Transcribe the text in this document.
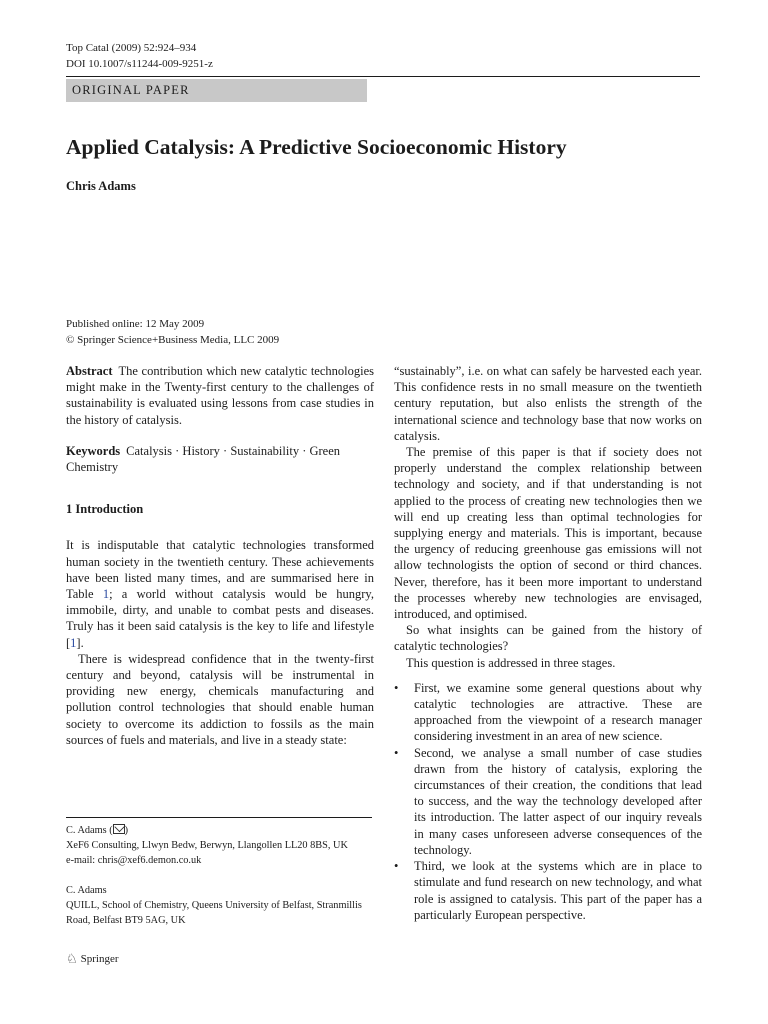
Top Catal (2009) 52:924–934
DOI 10.1007/s11244-009-9251-z
ORIGINAL PAPER
Applied Catalysis: A Predictive Socioeconomic History
Chris Adams
Published online: 12 May 2009
© Springer Science+Business Media, LLC 2009

Abstract The contribution which new catalytic technologies might make in the Twenty-first century to the challenges of sustainability is evaluated using lessons from case studies in the history of catalysis.

Keywords Catalysis · History · Sustainability · Green Chemistry

1 Introduction

It is indisputable that catalytic technologies transformed human society in the twentieth century. These achievements have been listed many times, and are summarised here in Table 1; a world without catalysis would be hungry, immobile, dirty, and unable to combat pests and diseases. Truly has it been said catalysis is the key to life and lifestyle [1].

There is widespread confidence that in the twenty-first century and beyond, catalysis will be instrumental in providing new energy, chemicals manufacturing and pollution control technologies that should enable human society to overcome its addiction to fossils as the main sources of fuels and materials, and live in a steady state:

“sustainably”, i.e. on what can safely be harvested each year. This confidence rests in no small measure on the twentieth century reputation, but also enlists the strength of the international science and technology base that now works on catalysis.

The premise of this paper is that if society does not properly understand the complex relationship between technology and society, and if that understanding is not applied to the process of creating new technologies then we will end up creating less than optimal technologies for supplying energy and materials. This is important, because the urgency of reducing greenhouse gas emissions will not allow technologists the option of second or third chances. Never, therefore, has it been more important to understand the processes whereby new technologies are envisaged, introduced, and optimised.

So what insights can be gained from the history of catalytic technologies?

This question is addressed in three stages.

• First, we examine some general questions about why catalytic technologies are attractive. These are approached from the viewpoint of a research manager considering investment in an area of new science.
• Second, we analyse a small number of case studies drawn from the history of catalysis, exploring the circumstances of their creation, the conditions that lead to success, and the way the technology developed after its introduction. The latter aspect of our inquiry reveals in many cases unforeseen adverse consequences of the technology.
• Third, we look at the systems which are in place to stimulate and fund research on new technology, and what role is assigned to catalysis. This part of the paper has a particularly European perspective.
C. Adams ( )
XeF6 Consulting, Llwyn Bedw, Berwyn, Llangollen LL20 8BS, UK
e-mail: chris@xef6.demon.co.uk
C. Adams
QUILL, School of Chemistry, Queens University of Belfast, Stranmillis Road, Belfast BT9 5AG, UK
♘ Springer
